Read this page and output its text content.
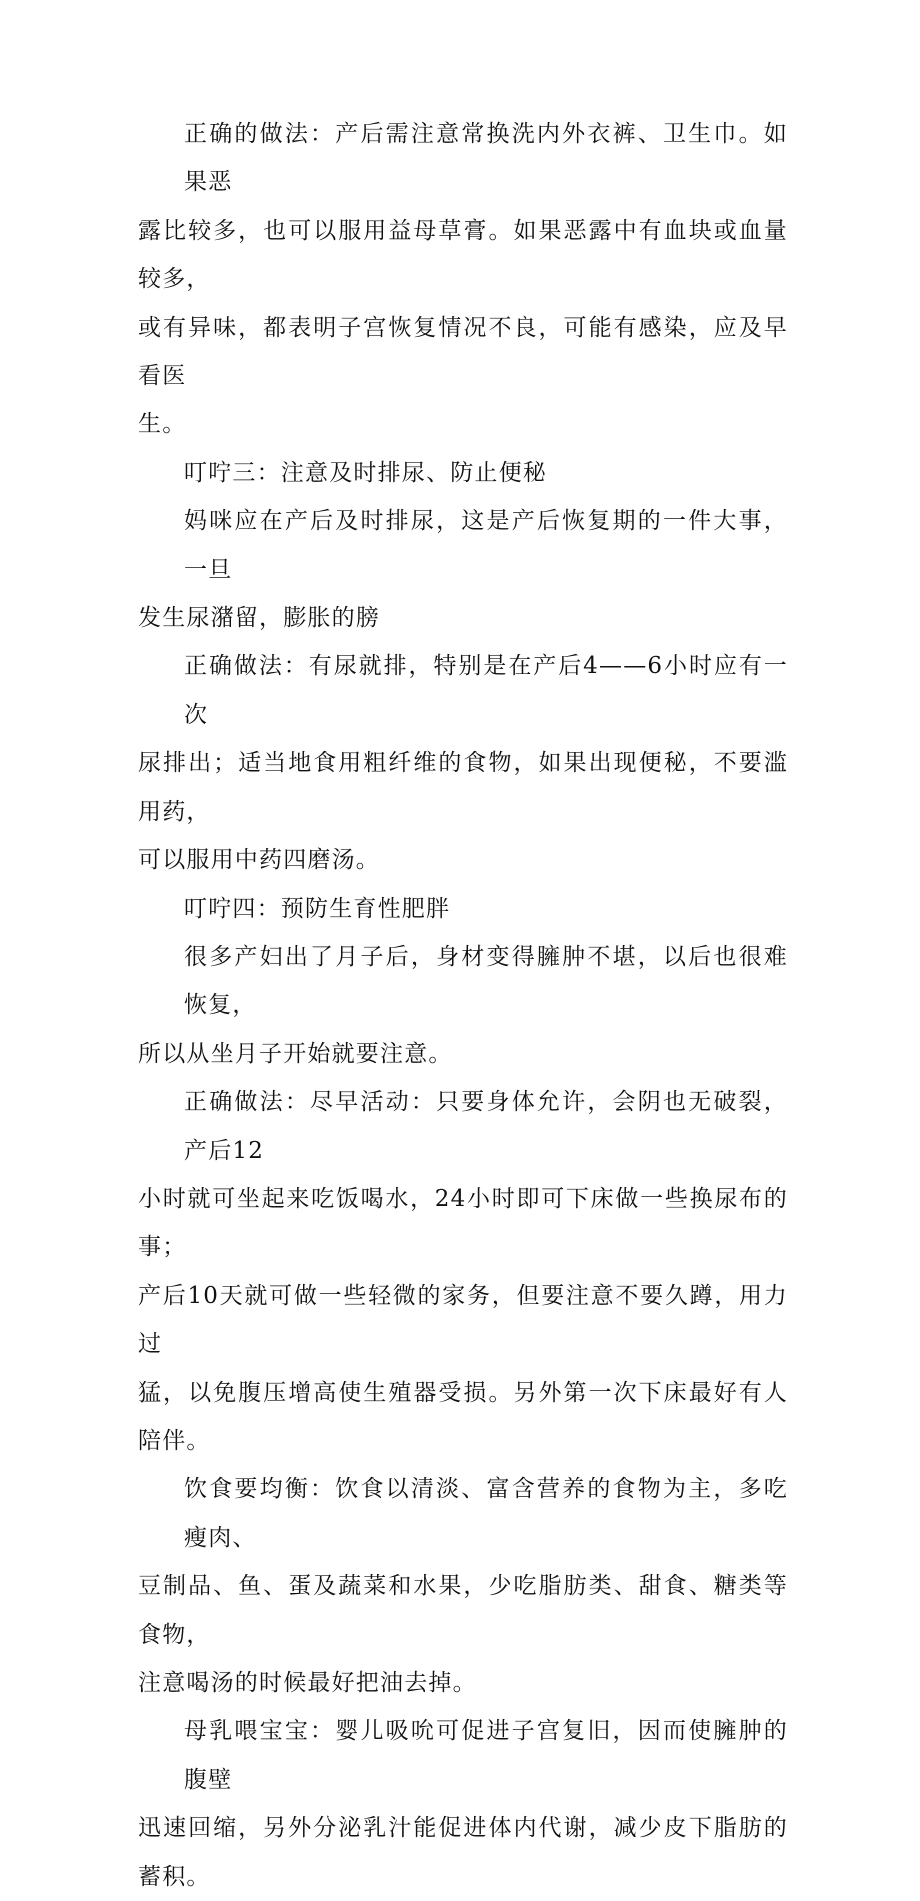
正确的做法：产后需注意常换洗内外衣裤、卫生巾。如果恶
露比较多，也可以服用益母草膏。如果恶露中有血块或血量较多，
或有异味，都表明子宫恢复情况不良，可能有感染，应及早看医
生。

叮咛三：注意及时排尿、防止便秘

妈咪应在产后及时排尿，这是产后恢复期的一件大事，一旦
发生尿潴留，膨胀的膀

正确做法：有尿就排，特别是在产后4——6小时应有一次
尿排出；适当地食用粗纤维的食物，如果出现便秘，不要滥用药，
可以服用中药四磨汤。

叮咛四：预防生育性肥胖

很多产妇出了月子后，身材变得臃肿不堪，以后也很难恢复，
所以从坐月子开始就要注意。

正确做法：尽早活动：只要身体允许，会阴也无破裂，产后12
小时就可坐起来吃饭喝水，24小时即可下床做一些换尿布的事；
产后10天就可做一些轻微的家务，但要注意不要久蹲，用力过
猛，以免腹压增高使生殖器受损。另外第一次下床最好有人陪伴。

饮食要均衡：饮食以清淡、富含营养的食物为主，多吃瘦肉、
豆制品、鱼、蛋及蔬菜和水果，少吃脂肪类、甜食、糖类等食物，
注意喝汤的时候最好把油去掉。

母乳喂宝宝：婴儿吸吮可促进子宫复旧，因而使臃肿的腹壁
迅速回缩，另外分泌乳汁能促进体内代谢，减少皮下脂肪的蓄积。
